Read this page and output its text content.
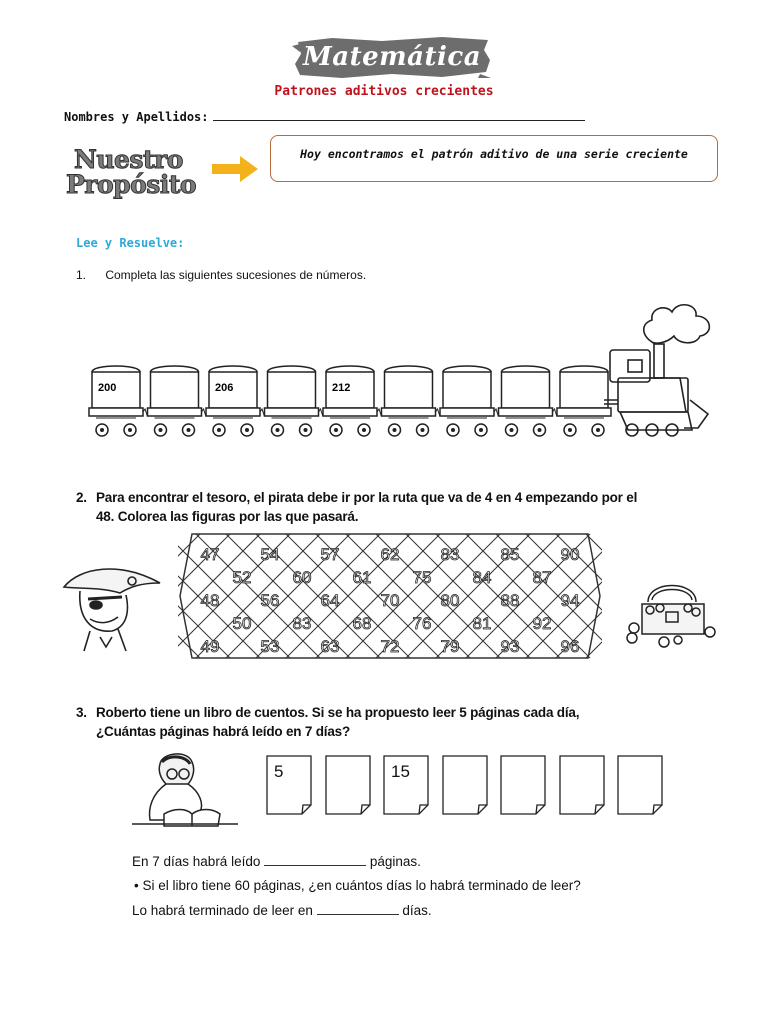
Matemática
Patrones aditivos crecientes
Nombres y Apellidos:
Nuestro
Propósito
Hoy encontramos el patrón aditivo de una serie creciente
Lee y Resuelve:
1. Completa las siguientes sucesiones de números.
200	206	212
2. Para encontrar el tesoro, el pirata debe ir por la ruta que va de 4 en 4 empezando por el
48. Colorea las figuras por las que pasará.
47 54 57 62 83 85 90
52 60 61 75 84 87
48 56 64 70 80 88 94
50 83 68 76 81 92
49 53 63 72 79 93 96
3. Roberto tiene un libro de cuentos. Si se ha propuesto leer 5 páginas cada día,
¿Cuántas páginas habrá leído en 7 días?
5	15
En 7 días habrá leído	páginas.
• Si el libro tiene 60 páginas, ¿en cuántos días lo habrá terminado de leer?
Lo habrá terminado de leer en	días.
